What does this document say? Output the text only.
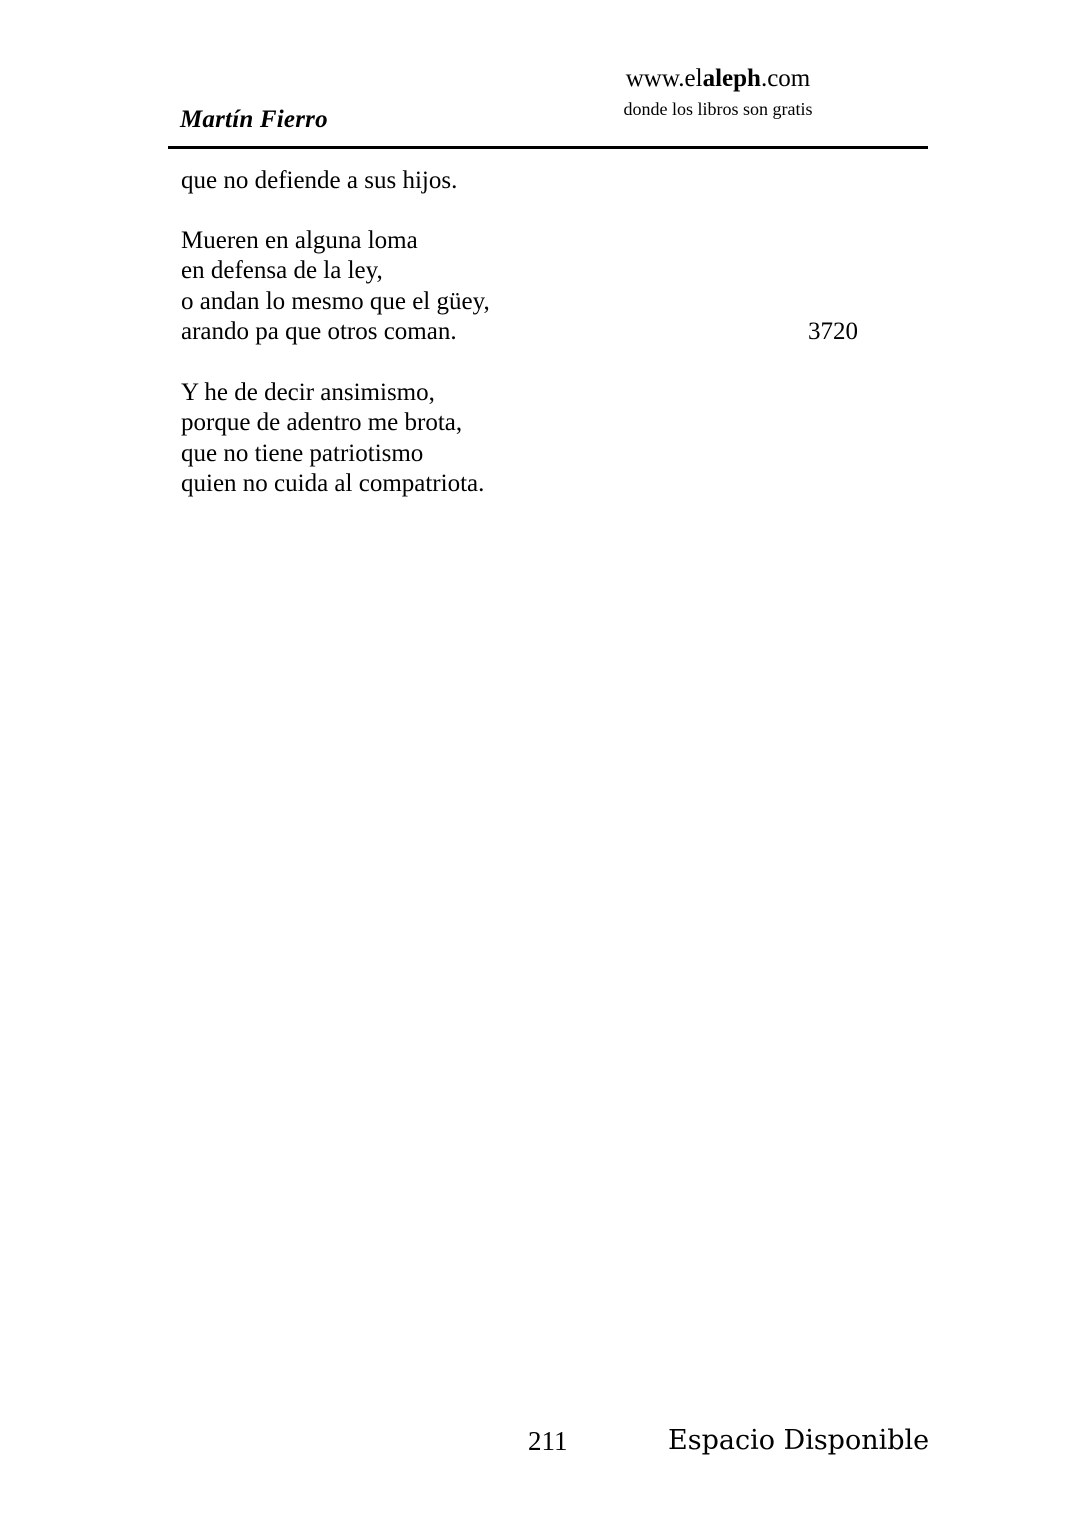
Martín Fierro
www.elaleph.com
donde los libros son gratis
que no defiende a sus hijos.
Mueren en alguna loma
en defensa de la ley,
o andan lo mesmo que el güey,
arando pa que otros coman.	3720
Y he de decir ansimismo,
porque de adentro me brota,
que no tiene patriotismo
quien no cuida al compatriota.
211	Espacio Disponible
